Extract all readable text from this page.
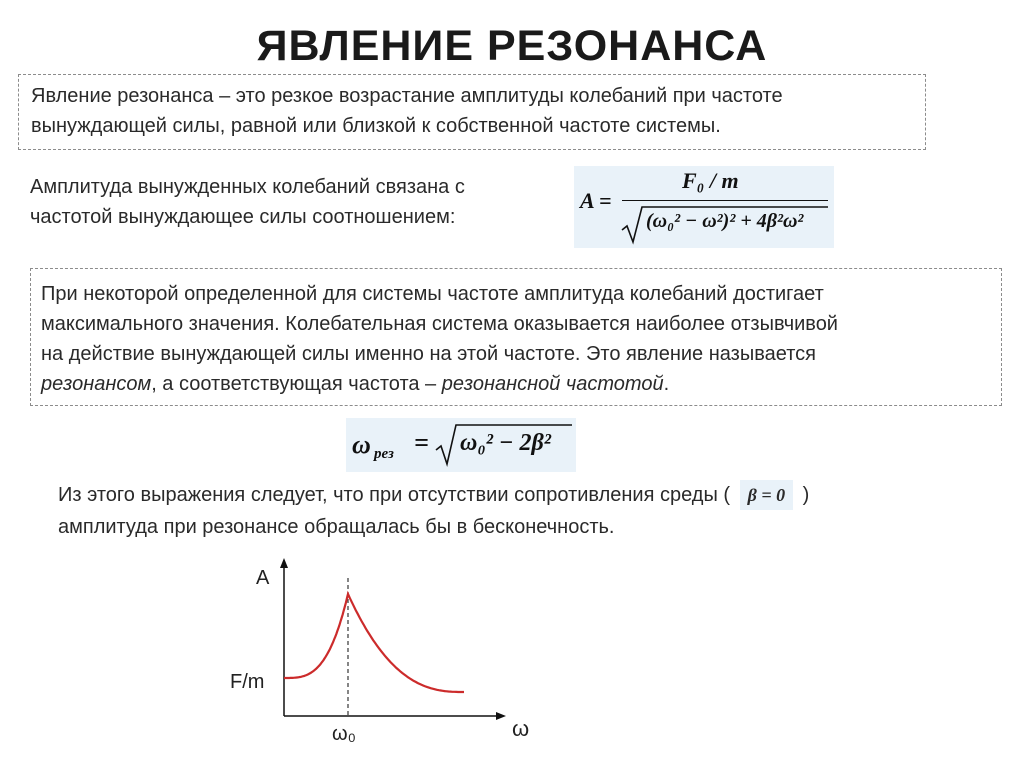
ЯВЛЕНИЕ РЕЗОНАНСА
Явление резонанса – это резкое возрастание амплитуды колебаний при частоте
вынуждающей силы, равной или близкой к собственной частоте системы.
Амплитуда вынужденных колебаний связана с
частотой вынуждающее силы соотношением:
A =
F₀ / m
(ω₀² − ω²)² + 4β²ω²
При некоторой определенной для системы частоте амплитуда колебаний достигает
максимального значения. Колебательная система оказывается наиболее отзывчивой
на действие вынуждающей силы именно на этой частоте. Это явление называется
резонансом, а соответствующая частота – резонансной частотой.
ω рез = ω₀² − 2β²
Из этого выражения следует, что при отсутствии сопротивления среды ( β = 0 )
амплитуда при резонансе обращалась бы в бесконечность.
A
F/m
ω₀	ω
